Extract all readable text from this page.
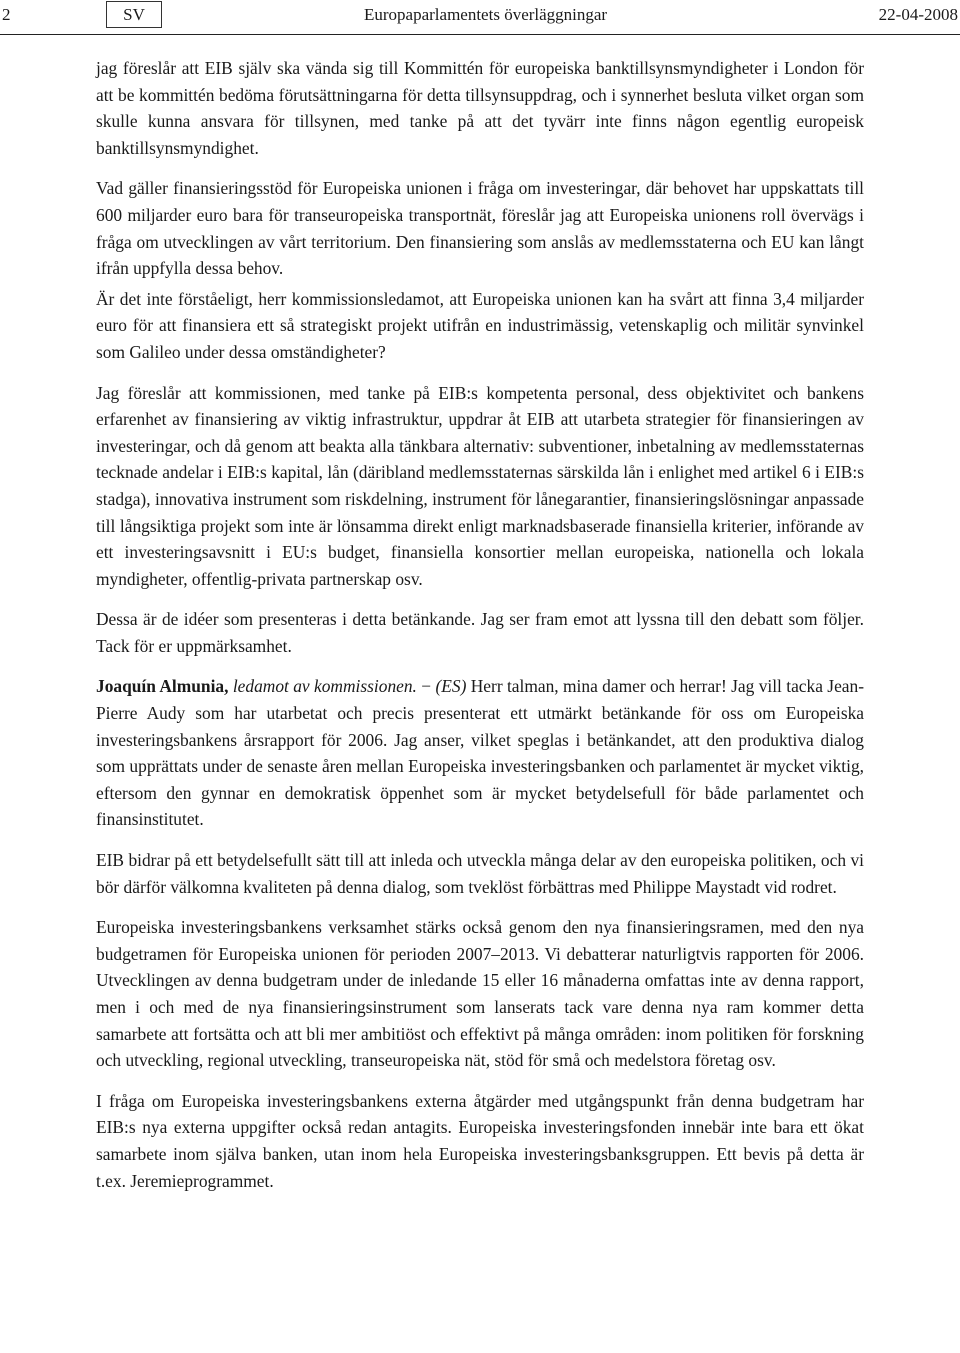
2	SV	Europaparlamentets överläggningar	22-04-2008

jag föreslår att EIB själv ska vända sig till Kommittén för europeiska banktillsynsmyndigheter i London för att be kommittén bedöma förutsättningarna för detta tillsynsuppdrag, och i synnerhet besluta vilket organ som skulle kunna ansvara för tillsynen, med tanke på att det tyvärr inte finns någon egentlig europeisk banktillsynsmyndighet.

Vad gäller finansieringsstöd för Europeiska unionen i fråga om investeringar, där behovet har uppskattats till 600 miljarder euro bara för transeuropeiska transportnät, föreslår jag att Europeiska unionens roll övervägs i fråga om utvecklingen av vårt territorium. Den finansiering som anslås av medlemsstaterna och EU kan långt ifrån uppfylla dessa behov.

Är det inte förståeligt, herr kommissionsledamot, att Europeiska unionen kan ha svårt att finna 3,4 miljarder euro för att finansiera ett så strategiskt projekt utifrån en industrimässig, vetenskaplig och militär synvinkel som Galileo under dessa omständigheter?

Jag föreslår att kommissionen, med tanke på EIB:s kompetenta personal, dess objektivitet och bankens erfarenhet av finansiering av viktig infrastruktur, uppdrar åt EIB att utarbeta strategier för finansieringen av investeringar, och då genom att beakta alla tänkbara alternativ: subventioner, inbetalning av medlemsstaternas tecknade andelar i EIB:s kapital, lån (däribland medlemsstaternas särskilda lån i enlighet med artikel 6 i EIB:s stadga), innovativa instrument som riskdelning, instrument för lånegarantier, finansieringslösningar anpassade till långsiktiga projekt som inte är lönsamma direkt enligt marknadsbaserade finansiella kriterier, införande av ett investeringsavsnitt i EU:s budget, finansiella konsortier mellan europeiska, nationella och lokala myndigheter, offentlig-privata partnerskap osv.

Dessa är de idéer som presenteras i detta betänkande. Jag ser fram emot att lyssna till den debatt som följer. Tack för er uppmärksamhet.

Joaquín Almunia, ledamot av kommissionen. − (ES) Herr talman, mina damer och herrar! Jag vill tacka Jean-Pierre Audy som har utarbetat och precis presenterat ett utmärkt betänkande för oss om Europeiska investeringsbankens årsrapport för 2006. Jag anser, vilket speglas i betänkandet, att den produktiva dialog som upprättats under de senaste åren mellan Europeiska investeringsbanken och parlamentet är mycket viktig, eftersom den gynnar en demokratisk öppenhet som är mycket betydelsefull för både parlamentet och finansinstitutet.

EIB bidrar på ett betydelsefullt sätt till att inleda och utveckla många delar av den europeiska politiken, och vi bör därför välkomna kvaliteten på denna dialog, som tveklöst förbättras med Philippe Maystadt vid rodret.

Europeiska investeringsbankens verksamhet stärks också genom den nya finansieringsramen, med den nya budgetramen för Europeiska unionen för perioden 2007–2013. Vi debatterar naturligtvis rapporten för 2006. Utvecklingen av denna budgetram under de inledande 15 eller 16 månaderna omfattas inte av denna rapport, men i och med de nya finansieringsinstrument som lanserats tack vare denna nya ram kommer detta samarbete att fortsätta och att bli mer ambitiöst och effektivt på många områden: inom politiken för forskning och utveckling, regional utveckling, transeuropeiska nät, stöd för små och medelstora företag osv.

I fråga om Europeiska investeringsbankens externa åtgärder med utgångspunkt från denna budgetram har EIB:s nya externa uppgifter också redan antagits. Europeiska investeringsfonden innebär inte bara ett ökat samarbete inom själva banken, utan inom hela Europeiska investeringsbanksgruppen. Ett bevis på detta är t.ex. Jeremieprogrammet.
